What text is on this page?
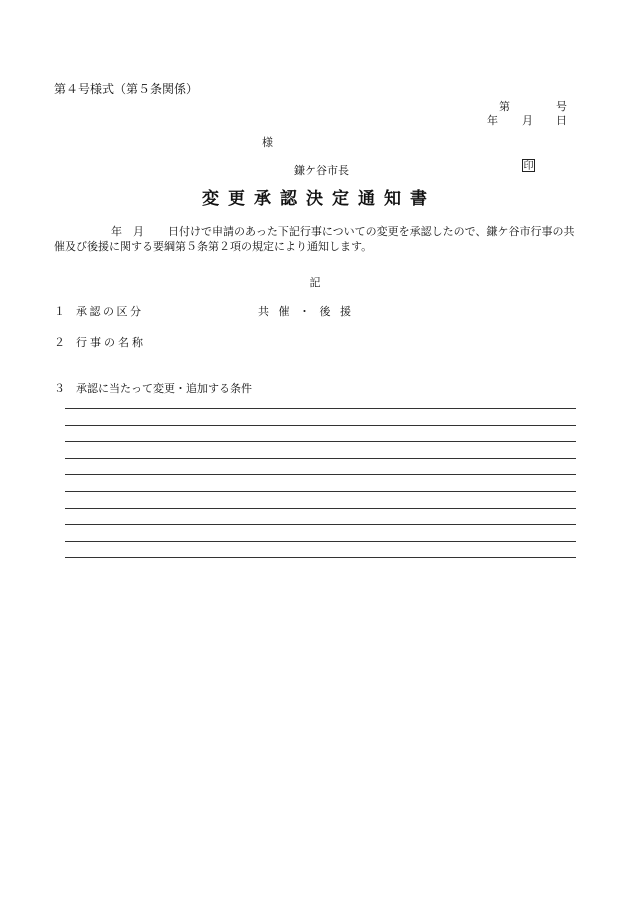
第４号様式（第５条関係）
第	号
年 月 日
様
鎌ケ谷市長	印
変更承認決定通知書
年 月 日付けで申請のあった下記行事についての変更を承認したので、鎌ケ谷市行事の共催及び後援に関する要綱第５条第２項の規定により通知します。
記
１ 承認の区分	共 催 ・ 後 援
２ 行事の名称
３ 承認に当たって変更・追加する条件
